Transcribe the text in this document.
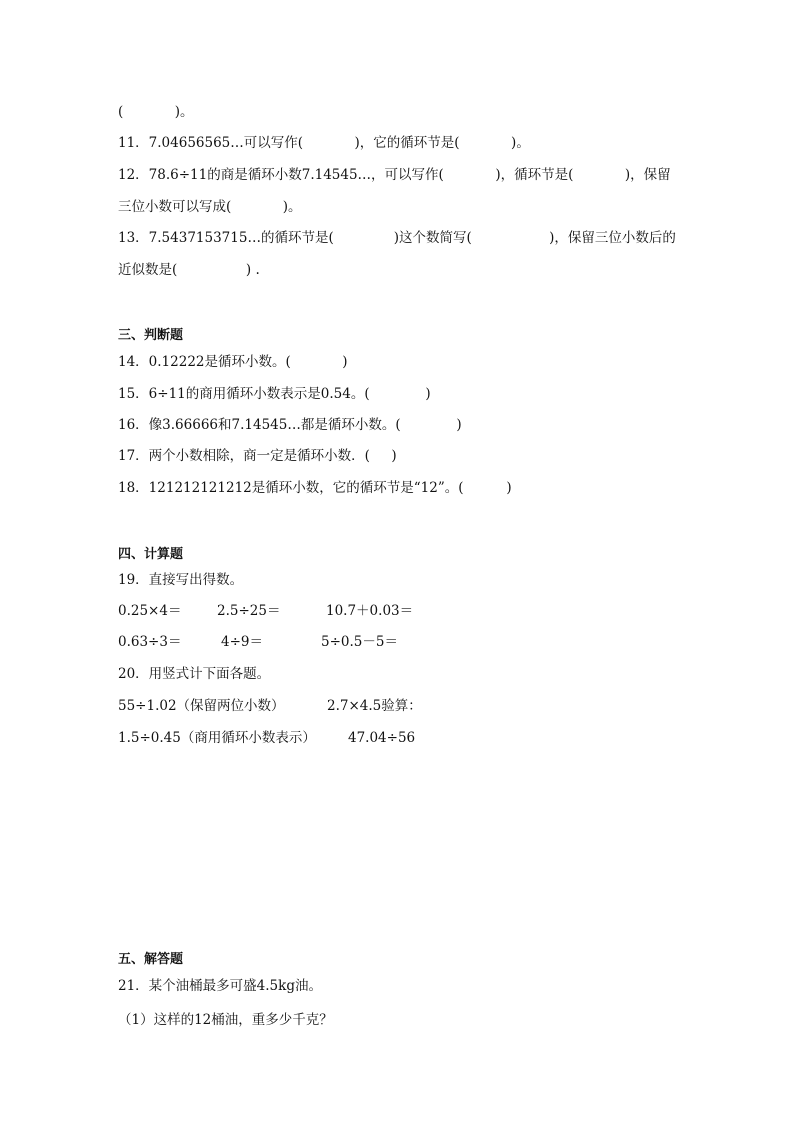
(            )。
11．7.04656565…可以写作(            )，它的循环节是(            )。
12．78.6÷11的商是循环小数7.14545…，可以写作(            )，循环节是(            )，保留
三位小数可以写成(            )。
13．7.5437153715…的循环节是(              )这个数简写(                  )，保留三位小数后的
近似数是(                ) .
三、判断题
14．0.12222是循环小数。(            )
15．6÷11的商用循环小数表示是0.54。(             )
16．像3.66666和7.14545…都是循环小数。(             )
17．两个小数相除，商一定是循环小数．(     )
18．121212121212是循环小数，它的循环节是“12”。(          )
四、计算题
19．直接写出得数。
0.25×4＝	2.5÷25＝	10.7＋0.03＝
0.63÷3＝	4÷9＝	5÷0.5－5＝
20．用竖式计下面各题。
55÷1.02（保留两位小数）	2.7×4.5验算：
1.5÷0.45（商用循环小数表示） 47.04÷56
五、解答题
21．某个油桶最多可盛4.5kg油。
（1）这样的12桶油，重多少千克？
